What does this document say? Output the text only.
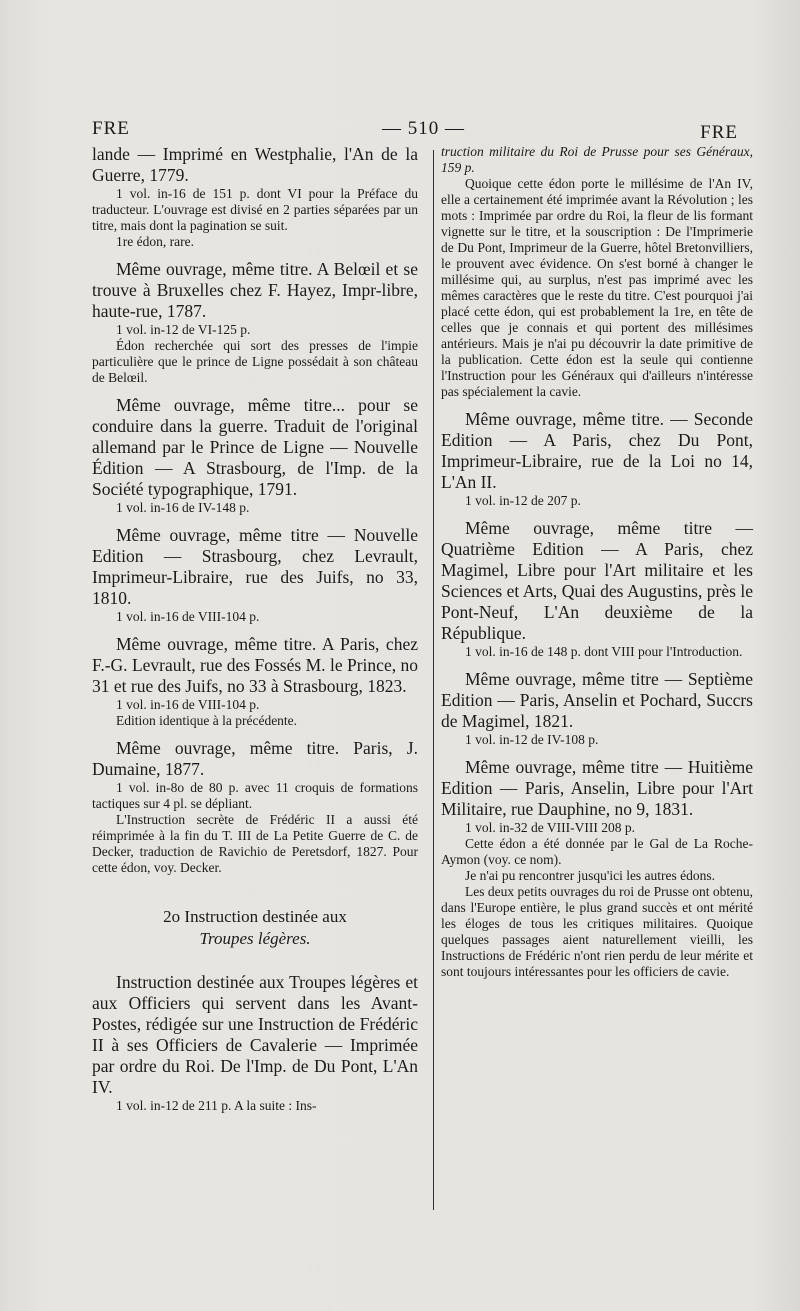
FRE	— 510 —	FRE

lande — Imprimé en Westphalie, l'An de la Guerre, 1779.

1 vol. in-16 de 151 p. dont VI pour la Préface du traducteur. L'ouvrage est divisé en 2 parties séparées par un titre, mais dont la pagination se suit.

1re édon, rare.

Même ouvrage, même titre. A Belœil et se trouve à Bruxelles chez F. Hayez, Impr-libre, haute-rue, 1787.

1 vol. in-12 de VI-125 p.

Édon recherchée qui sort des presses de l'impie particulière que le prince de Ligne possédait à son château de Belœil.

Même ouvrage, même titre... pour se conduire dans la guerre. Traduit de l'original allemand par le Prince de Ligne — Nouvelle Édition — A Strasbourg, de l'Imp. de la Société typographique, 1791.

1 vol. in-16 de IV-148 p.

Même ouvrage, même titre — Nouvelle Edition — Strasbourg, chez Levrault, Imprimeur-Libraire, rue des Juifs, no 33, 1810.

1 vol. in-16 de VIII-104 p.

Même ouvrage, même titre. A Paris, chez F.-G. Levrault, rue des Fossés M. le Prince, no 31 et rue des Juifs, no 33 à Strasbourg, 1823.

1 vol. in-16 de VIII-104 p.

Edition identique à la précédente.

Même ouvrage, même titre. Paris, J. Dumaine, 1877.

1 vol. in-8o de 80 p. avec 11 croquis de formations tactiques sur 4 pl. se dépliant.

L'Instruction secrète de Frédéric II a aussi été réimprimée à la fin du T. III de La Petite Guerre de C. de Decker, traduction de Ravichio de Peretsdorf, 1827. Pour cette édon, voy. Decker.

2o Instruction destinée aux
Troupes légères.

Instruction destinée aux Troupes légères et aux Officiers qui servent dans les Avant-Postes, rédigée sur une Instruction de Frédéric II à ses Officiers de Cavalerie — Imprimée par ordre du Roi. De l'Imp. de Du Pont, L'An IV.

1 vol. in-12 de 211 p. A la suite : Ins-

truction militaire du Roi de Prusse pour ses Généraux, 159 p.

Quoique cette édon porte le millésime de l'An IV, elle a certainement été imprimée avant la Révolution ; les mots : Imprimée par ordre du Roi, la fleur de lis formant vignette sur le titre, et la souscription : De l'Imprimerie de Du Pont, Imprimeur de la Guerre, hôtel Bretonvilliers, le prouvent avec évidence. On s'est borné à changer le millésime qui, au surplus, n'est pas imprimé avec les mêmes caractères que le reste du titre. C'est pourquoi j'ai placé cette édon, qui est probablement la 1re, en tête de celles que je connais et qui portent des millésimes antérieurs. Mais je n'ai pu découvrir la date primitive de la publication. Cette édon est la seule qui contienne l'Instruction pour les Généraux qui d'ailleurs n'intéresse pas spécialement la cavie.

Même ouvrage, même titre. — Seconde Edition — A Paris, chez Du Pont, Imprimeur-Libraire, rue de la Loi no 14, L'An II.

1 vol. in-12 de 207 p.

Même ouvrage, même titre — Quatrième Edition — A Paris, chez Magimel, Libre pour l'Art militaire et les Sciences et Arts, Quai des Augustins, près le Pont-Neuf, L'An deuxième de la République.

1 vol. in-16 de 148 p. dont VIII pour l'Introduction.

Même ouvrage, même titre — Septième Edition — Paris, Anselin et Pochard, Succrs de Magimel, 1821.

1 vol. in-12 de IV-108 p.

Même ouvrage, même titre — Huitième Edition — Paris, Anselin, Libre pour l'Art Militaire, rue Dauphine, no 9, 1831.

1 vol. in-32 de VIII-VIII 208 p.

Cette édon a été donnée par le Gal de La Roche-Aymon (voy. ce nom).

Je n'ai pu rencontrer jusqu'ici les autres édons.

Les deux petits ouvrages du roi de Prusse ont obtenu, dans l'Europe entière, le plus grand succès et ont mérité les éloges de tous les critiques militaires. Quoique quelques passages aient naturellement vieilli, les Instructions de Frédéric n'ont rien perdu de leur mérite et sont toujours intéressantes pour les officiers de cavie.
